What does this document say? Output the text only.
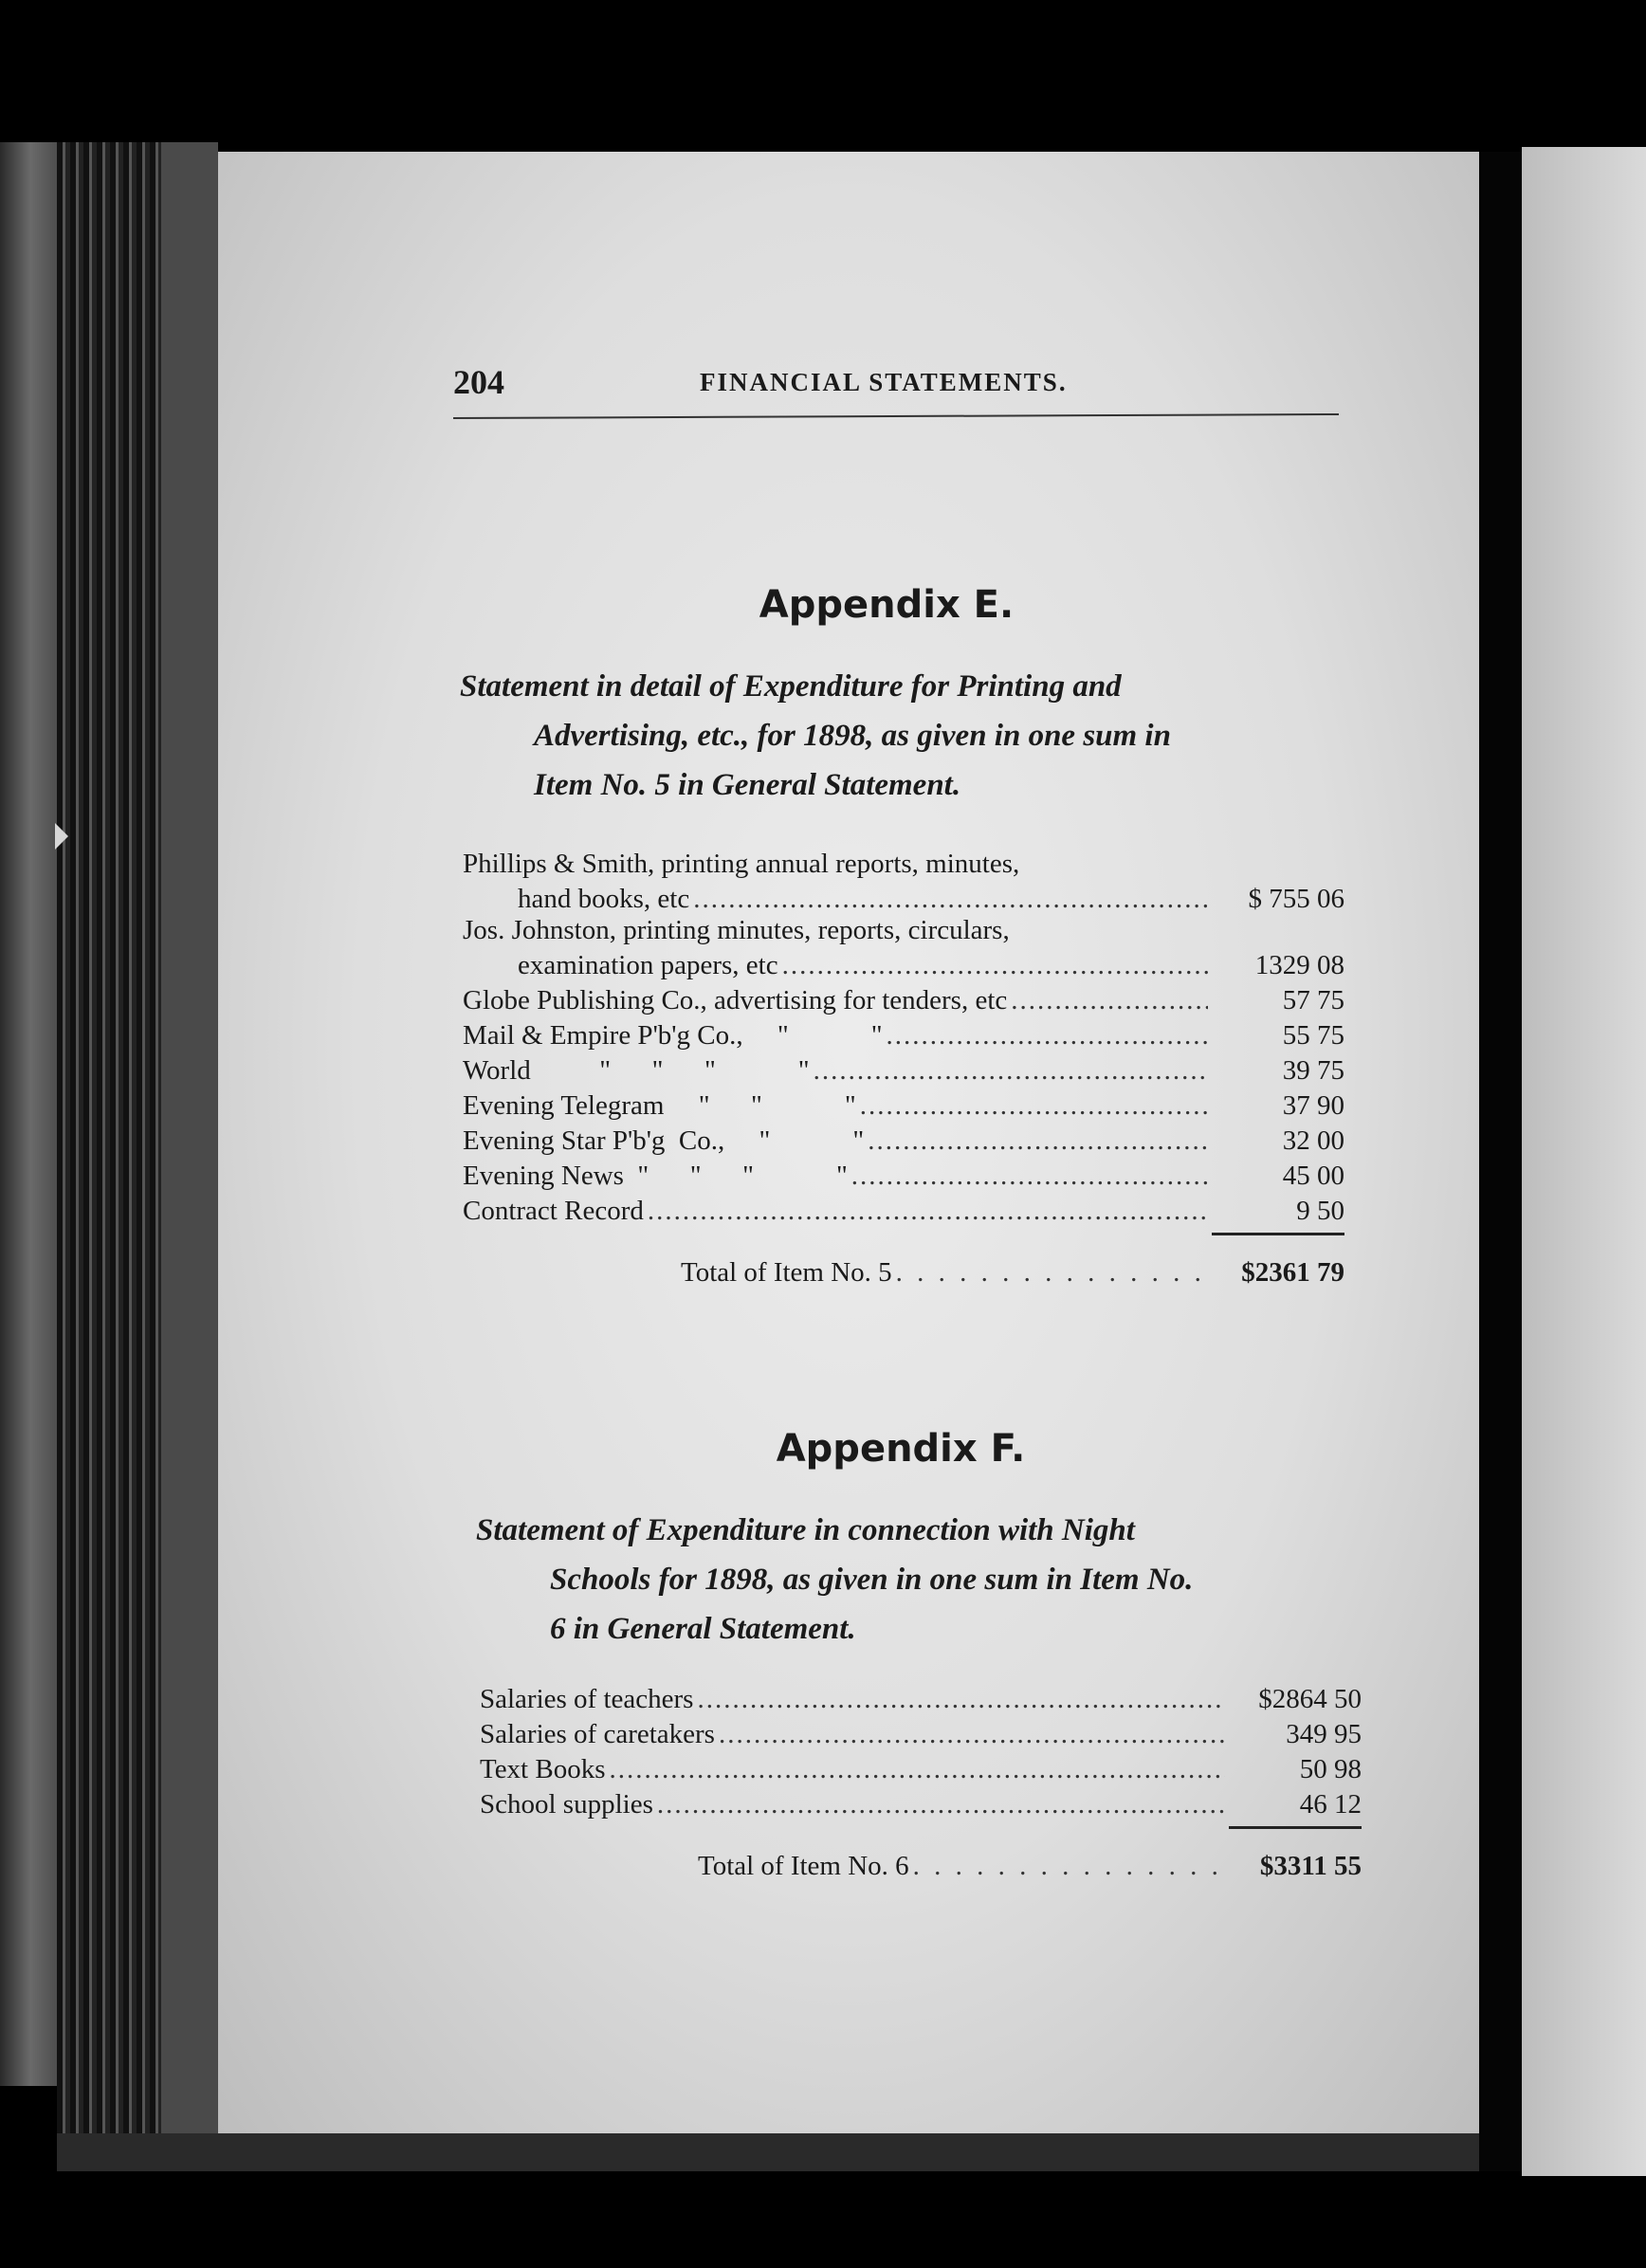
204	FINANCIAL STATEMENTS.
Appendix E.
Statement in detail of Expenditure for Printing and
Advertising, etc., for 1898, as given in one sum in
Item No. 5 in General Statement.
Phillips & Smith, printing annual reports, minutes,
hand books, etc .....	$ 755 06
Jos. Johnston, printing minutes, reports, circulars,
examination papers, etc .....	1329 08
Globe Publishing Co., advertising for tenders, etc .....	57 75
Mail & Empire P'b'g Co.,     "            " .....	55 75
World          "      "      "            " .....	39 75
Evening Telegram     "      "            " .....	37 90
Evening Star P'b'g  Co.,     "            " .....	32 00
Evening News  "      "      "            " .....	45 00
Contract Record .....	9 50
Total of Item No. 5 . . .	$2361 79
Appendix F.
Statement of Expenditure in connection with Night
Schools for 1898, as given in one sum in Item No.
6 in General Statement.
Salaries of teachers .....	$2864 50
Salaries of caretakers .....	349 95
Text Books .....	50 98
School supplies .....	46 12
Total of Item No. 6 . . .	$3311 55
